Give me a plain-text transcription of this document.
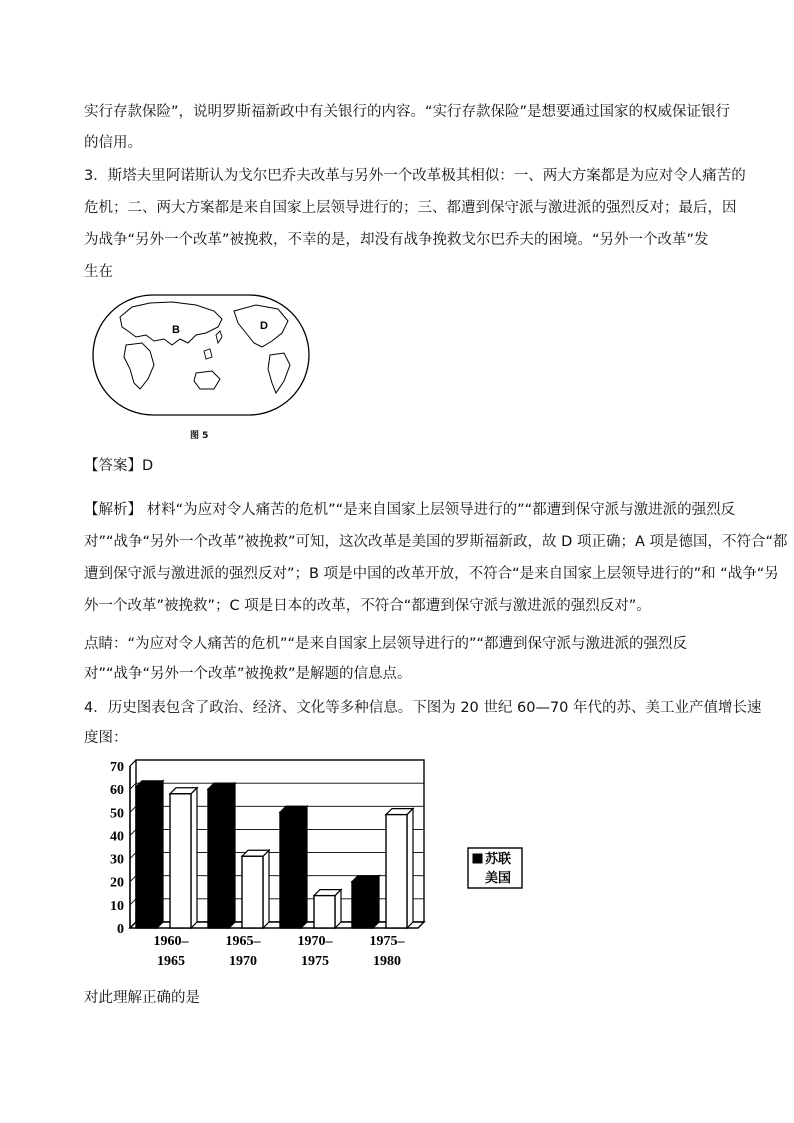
实行存款保险”，说明罗斯福新政中有关银行的内容。“实行存款保险”是想要通过国家的权威保证银行
的信用。
3．斯塔夫里阿诺斯认为戈尔巴乔夫改革与另外一个改革极其相似：一、两大方案都是为应对令人痛苦的
危机；二、两大方案都是来自国家上层领导进行的；三、都遭到保守派与激进派的强烈反对；最后，因
为战争“另外一个改革”被挽救，不幸的是，却没有战争挽救戈尔巴乔夫的困境。“另外一个改革”发
生在
B	D
图 5
【答案】D
【解析】 材料“为应对令人痛苦的危机”“是来自国家上层领导进行的”“都遭到保守派与激进派的强烈反
对”“战争“另外一个改革”被挽救”可知，这次改革是美国的罗斯福新政，故 D 项正确；A 项是德国，不符合“都
遭到保守派与激进派的强烈反对”；B 项是中国的改革开放，不符合“是来自国家上层领导进行的”和 “战争“另
外一个改革”被挽救”；C 项是日本的改革，不符合“都遭到保守派与激进派的强烈反对”。
点睛：“为应对令人痛苦的危机”“是来自国家上层领导进行的”“都遭到保守派与激进派的强烈反
对”“战争“另外一个改革”被挽救”是解题的信息点。
4．历史图表包含了政治、经济、文化等多种信息。下图为 20 世纪 60—70 年代的苏、美工业产值增长速
度图：
0
10
20
30
40
50
60
70
1960–
1965
1965–
1970
1970–
1975
1975–
1980
苏联
美国
对此理解正确的是
